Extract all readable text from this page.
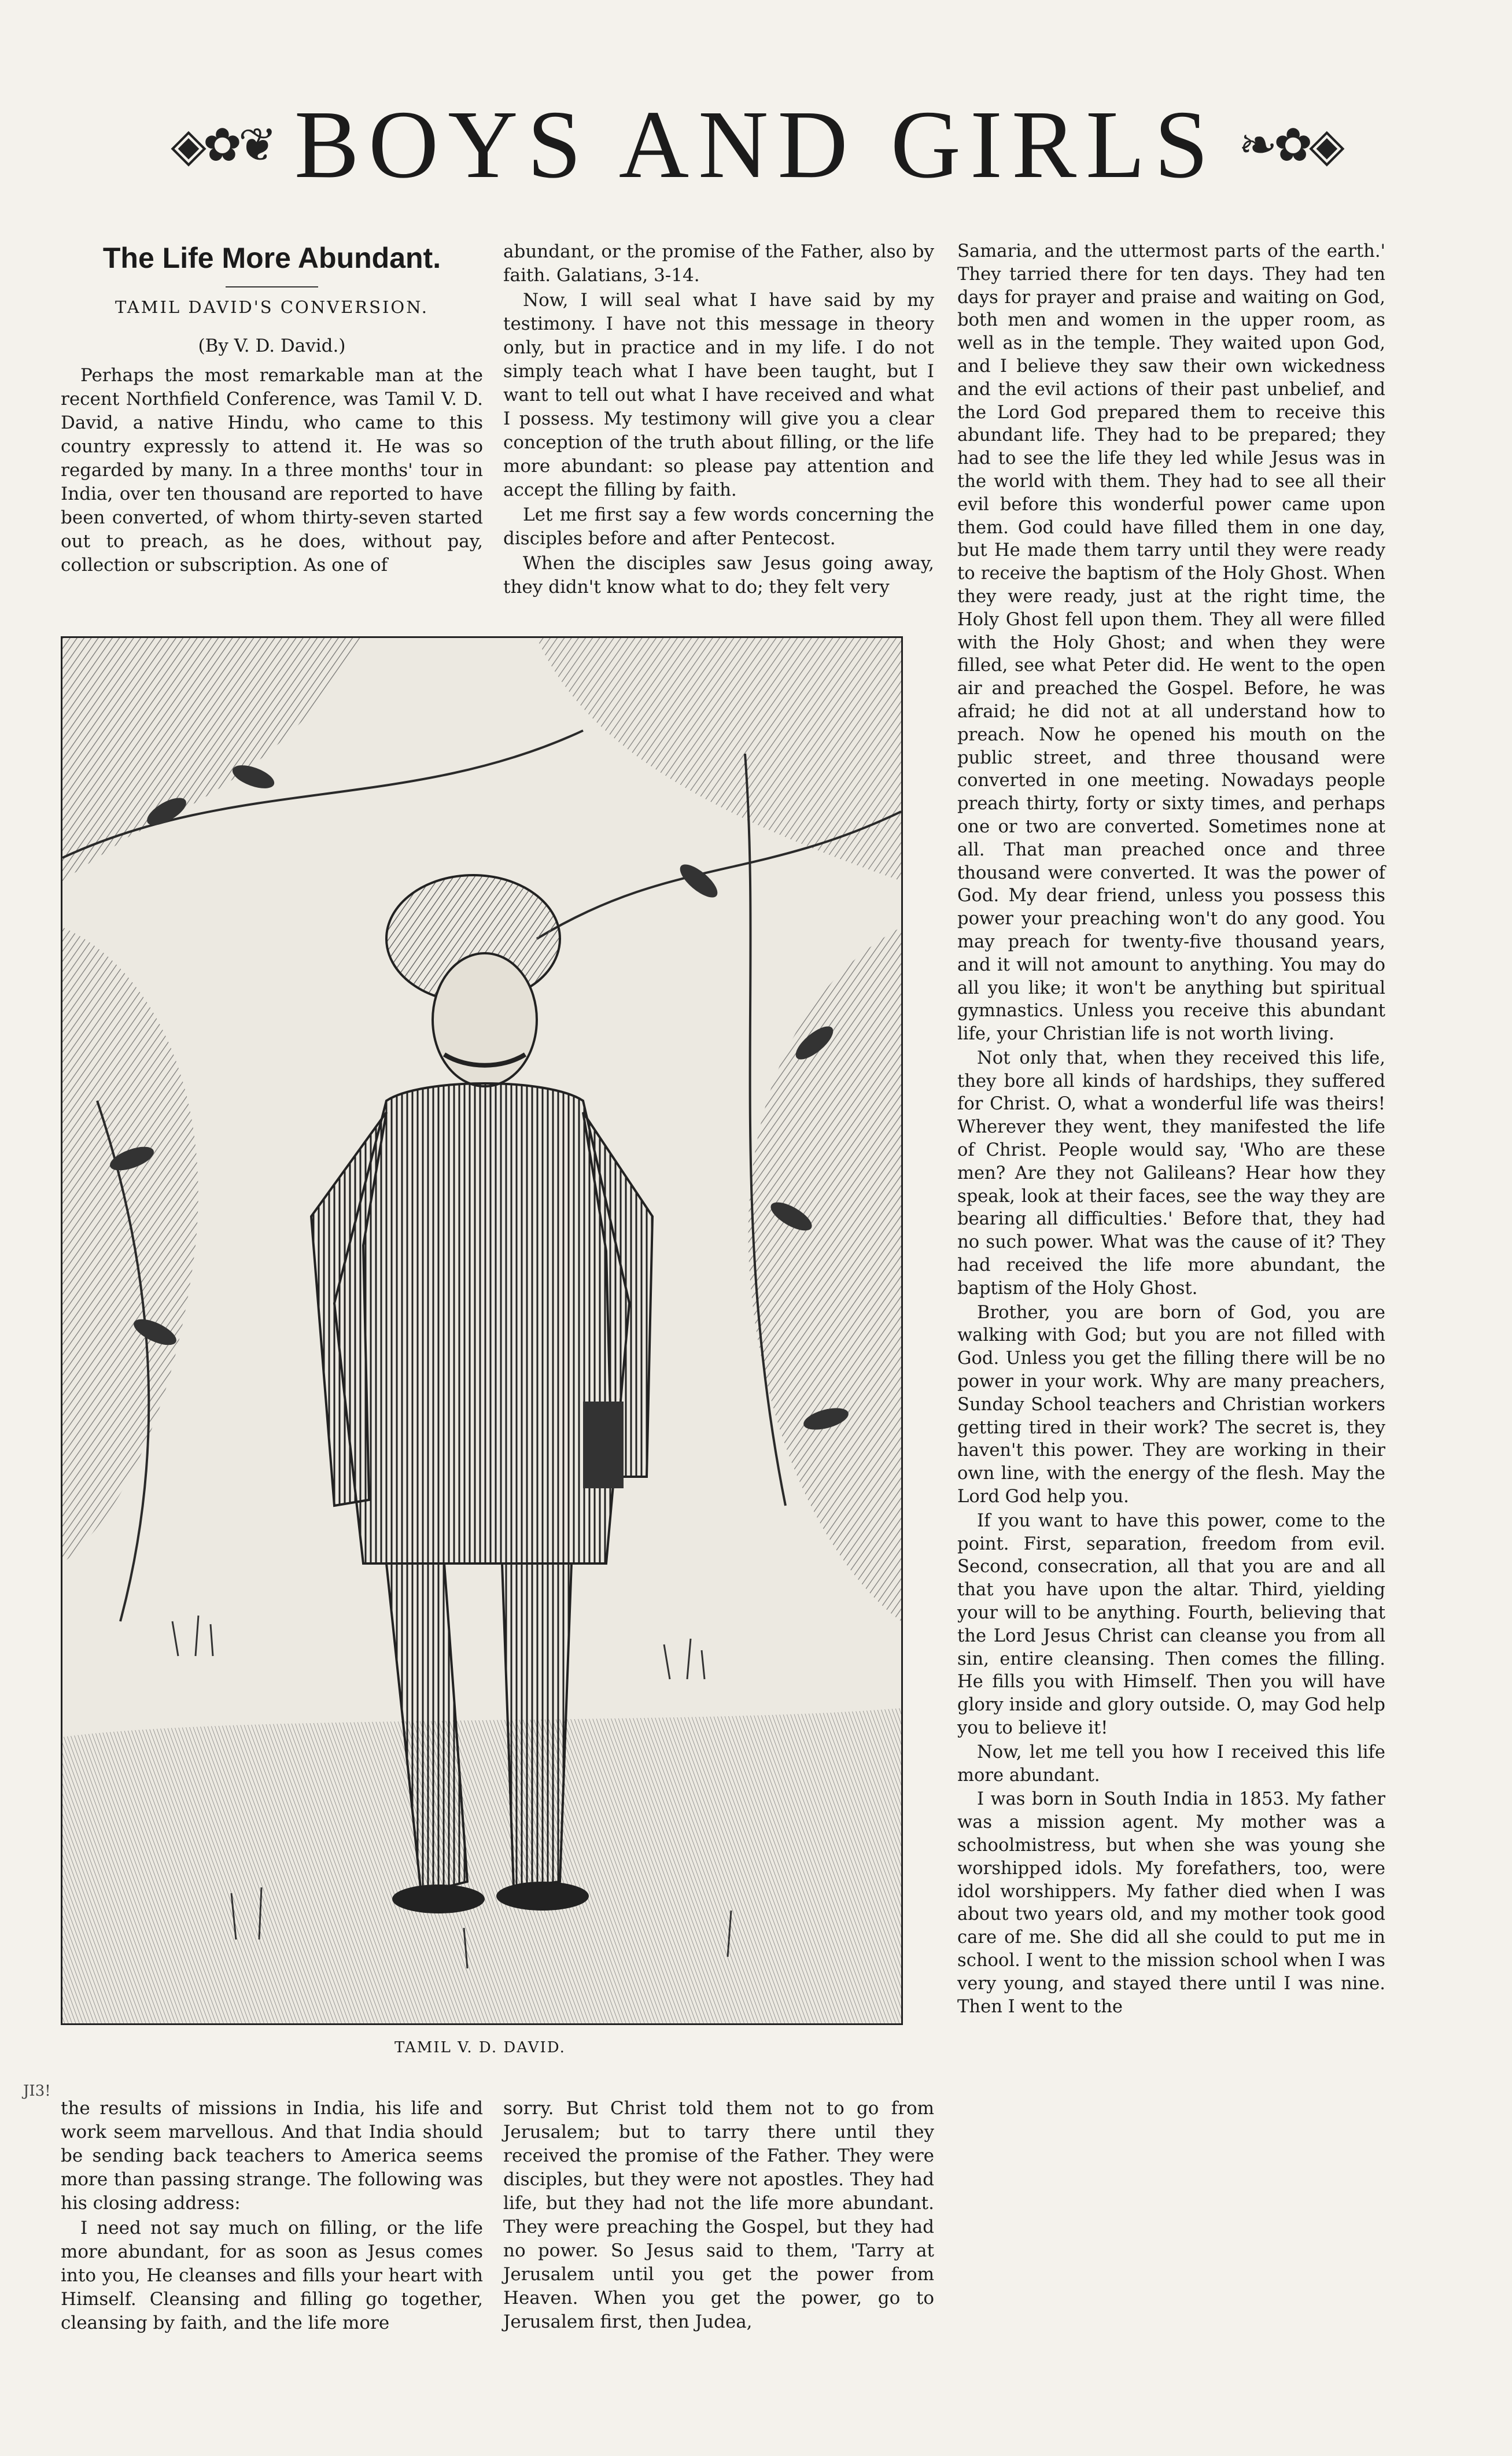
◈✿❦ BOYS AND GIRLS ❧✿◈
The Life More Abundant.
TAMIL DAVID'S CONVERSION.
(By V. D. David.)

Perhaps the most remarkable man at the recent Northfield Conference, was Tamil V. D. David, a native Hindu, who came to this country expressly to attend it. He was so regarded by many. In a three months' tour in India, over ten thousand are reported to have been converted, of whom thirty-seven started out to preach, as he does, without pay, collection or subscription. As one of

abundant, or the promise of the Father, also by faith. Galatians, 3-14.

Now, I will seal what I have said by my testimony. I have not this message in theory only, but in practice and in my life. I do not simply teach what I have been taught, but I want to tell out what I have received and what I possess. My testimony will give you a clear conception of the truth about filling, or the life more abundant: so please pay attention and accept the filling by faith.

Let me first say a few words concerning the disciples before and after Pentecost.

When the disciples saw Jesus going away, they didn't know what to do; they felt very

TAMIL V. D. DAVID.
JI3!

the results of missions in India, his life and work seem marvellous. And that India should be sending back teachers to America seems more than passing strange. The following was his closing address:

I need not say much on filling, or the life more abundant, for as soon as Jesus comes into you, He cleanses and fills your heart with Himself. Cleansing and filling go together, cleansing by faith, and the life more

sorry. But Christ told them not to go from Jerusalem; but to tarry there until they received the promise of the Father. They were disciples, but they were not apostles. They had life, but they had not the life more abundant. They were preaching the Gospel, but they had no power. So Jesus said to them, 'Tarry at Jerusalem until you get the power from Heaven. When you get the power, go to Jerusalem first, then Judea,

Samaria, and the uttermost parts of the earth.' They tarried there for ten days. They had ten days for prayer and praise and waiting on God, both men and women in the upper room, as well as in the temple. They waited upon God, and I believe they saw their own wickedness and the evil actions of their past unbelief, and the Lord God prepared them to receive this abundant life. They had to be prepared; they had to see the life they led while Jesus was in the world with them. They had to see all their evil before this wonderful power came upon them. God could have filled them in one day, but He made them tarry until they were ready to receive the baptism of the Holy Ghost. When they were ready, just at the right time, the Holy Ghost fell upon them. They all were filled with the Holy Ghost; and when they were filled, see what Peter did. He went to the open air and preached the Gospel. Before, he was afraid; he did not at all understand how to preach. Now he opened his mouth on the public street, and three thousand were converted in one meeting. Nowadays people preach thirty, forty or sixty times, and perhaps one or two are converted. Sometimes none at all. That man preached once and three thousand were converted. It was the power of God. My dear friend, unless you possess this power your preaching won't do any good. You may preach for twenty-five thousand years, and it will not amount to anything. You may do all you like; it won't be anything but spiritual gymnastics. Unless you receive this abundant life, your Christian life is not worth living.

Not only that, when they received this life, they bore all kinds of hardships, they suffered for Christ. O, what a wonderful life was theirs! Wherever they went, they manifested the life of Christ. People would say, 'Who are these men? Are they not Galileans? Hear how they speak, look at their faces, see the way they are bearing all difficulties.' Before that, they had no such power. What was the cause of it? They had received the life more abundant, the baptism of the Holy Ghost.

Brother, you are born of God, you are walking with God; but you are not filled with God. Unless you get the filling there will be no power in your work. Why are many preachers, Sunday School teachers and Christian workers getting tired in their work? The secret is, they haven't this power. They are working in their own line, with the energy of the flesh. May the Lord God help you.

If you want to have this power, come to the point. First, separation, freedom from evil. Second, consecration, all that you are and all that you have upon the altar. Third, yielding your will to be anything. Fourth, believing that the Lord Jesus Christ can cleanse you from all sin, entire cleansing. Then comes the filling. He fills you with Himself. Then you will have glory inside and glory outside. O, may God help you to believe it!

Now, let me tell you how I received this life more abundant.

I was born in South India in 1853. My father was a mission agent. My mother was a schoolmistress, but when she was young she worshipped idols. My forefathers, too, were idol worshippers. My father died when I was about two years old, and my mother took good care of me. She did all she could to put me in school. I went to the mission school when I was very young, and stayed there until I was nine. Then I went to the
